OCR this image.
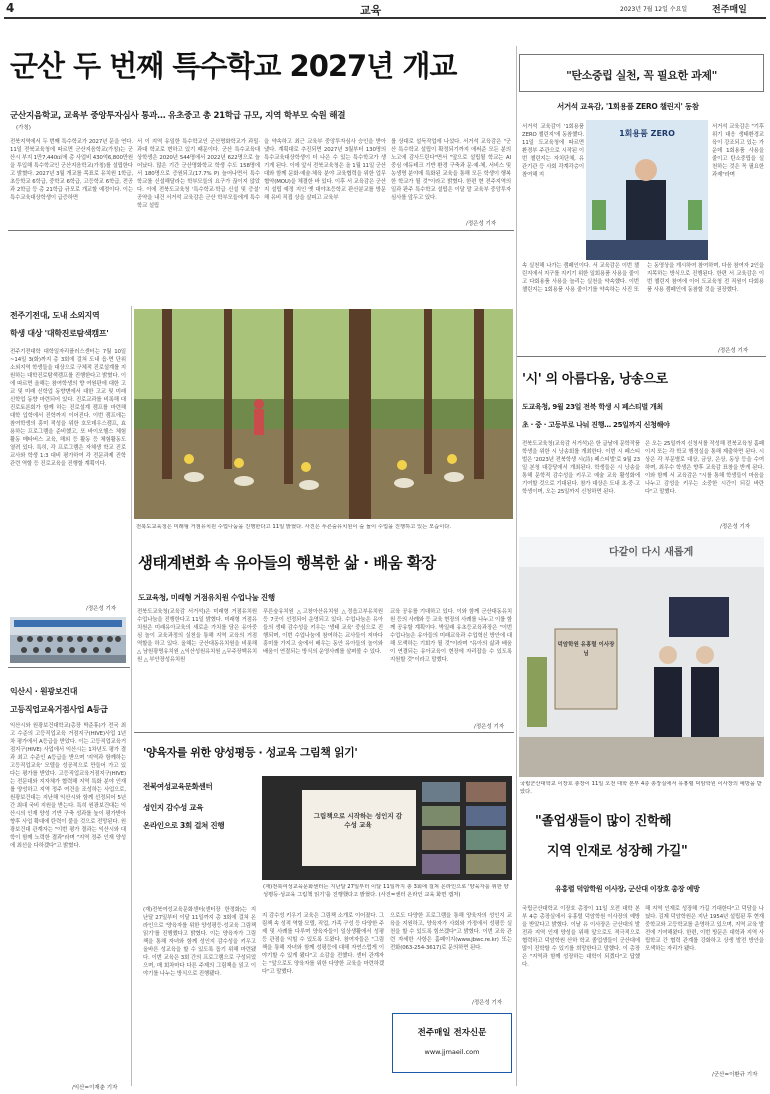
4	교육	2023년 7월 12일 수요일	전주매일
군산 두 번째 특수학교 2027년 개교
군산지음학교, 교육부 중앙투자심사 통과… 유초중고 총 21학급 규모, 지역 학부모 숙원 해결
(가칭)
전북지역에서 두 번째 특수학교가 2027년 문을 연다. 11일 전북교육청에 따르면 군산지음학교(가칭)는 군산시 부지 1만7,440㎡에 총 사업비 430억6,800만원을 투입해 특수학교인 군산지음학교(가칭)를 설립한다고 밝혔다. 2027년 3월 개교를 목표로 유치원 1학급, 초등학교 6학급, 중학교 6학급, 고등학교 6학급, 전공과 2학급 등 총 21학급 규모로 개교할 예정이다. 이는 특수교육대상학생이 급증하면
서 이 지역 유일한 특수학교인 군산명화학교가 과밀·과대 학교로 변하고 있기 때문이다. 군산 특수교육대상학생은 2020년 544명에서 2022년 622명으로 늘어났다. 많은 기간 군산명화학교 학생 수도 158명에서 180명으로 증원되고(17.7% P) 늘어나면서 특수학교를 신설해달라는 학부모들의 요구가 끊이지 않았다. 이에 전북도교육청 '특수학교·학급 신설 및 증설' 공약을 내건 서거석 교육감은 군산 학부모들에게 특수학교 설립
을 약속하고 최근 교육부 중앙투자심사 승인을 받아냈다. 계획대로 추진되면 2027년 3월부터 130명의 특수교육대상학생이 더 나은 수 있는 특수학교가 생기게 된다. 이에 앞서 전북교육청은 올 1월 11일 군산대와 함께 문화·예술·체육 분야 교육협력을 위한 업무협약(MOU)을 체결한 바 있다. 이후 서 교육감은 군산지 설립 예정 지인 옛 대야초등학교 판산분교를 방문해 유비 직접 상을 살피고 교육부
를 상대로 설득작업에 나섰다. 서거석 교육감은 "군산 특수학교 설립이 확정되기까지 애써준 모든 분의 노고에 감사드린다"면서 "앞으로 설립될 학교는 AI 중심 에듀테크 기반 환경 구축과 문·예·체, 서비스 및 농생명 분야에 특화된 교육을 통해 모든 학생이 행복한 학교가 될 것"이라고 밝혔다. 한편 현 전주지역의 일과 판주 특수학교 설립은 이달 말 교육부 중앙투자심사를 앞두고 있다.
/정은성 기자
전주기전대, 도내 소외지역
학생 대상 '대학진로탐색캠프'
전주기전대학 대학일자리플러스센터는 7월 10일~14일 3(화)까지 총 3회에 걸쳐 도내 읍·면 단위 소외지역 학생들을 대상으로 구체적 진로설계를 지원하는 대학진로탐색캠프를 진행한다고 밝혔다. 이에 따르면 올해는 참여학생의 향 여원판에 대한 고교 및 미래 신학업 동향변에서 대한 고교 및 미래 신학업 동향 마련되어 있다. 진로교과를 비록해 대 진로토론회가 함께 하는 진로설계 캠프를 마련해 대학 입학에서 진학까지 이어진다. 이번 캠프에는 참여학생의 흥미 적성을 위한 호모데우스캠프, 효용하는 프로그램을 준비했고, 또 바이오헬스 체험활동 메타버스 교육, 해외 등 활동 등 체험활동도 열려 있다. 특히, 각 프로그램은 자체생 학교 진로교사와 학생 1:3 대비 평가하여 각 전문과제 진학 관련 역할 등 진로교육을 진행할 계획이다.
/정은성 기자
전북도교육청은 미래형 거점유치원 수업나눔을 진행한다고 11일 밝혔다. 사진은 푸른숲유치원이 숲 놀이 수업을 진행하고 있는 모습이다.
생태계변화 속 유아들의 행복한 삶 · 배움 확장
도교육청, 미래형 거점유치원 수업나눔 진행
전북도교육청(교육감 서거석)은 미래형 거점유치원 수업나눔을 진행한다고 11일 밝혔다. 미래형 거점유치원은 미래유아교육의 새로운 가치를 담은 유아중심 놀이 교육과정의 실천을 통해 지역 교육의 거점 역할을 하고 있다. 올해는 군산대동유치원을 비롯해 △ 남원광명유치원 △익산성원유치원 △무주장백유치원 △ 부안장성유치원
푸른숲유치원 △고창아산유치원 △정읍고부유치원 등 7곳이 선정되어 운영되고 있다. 수업나눔은 유아들의 생태 감수성을 키우는 '생태 교육' 중심으로 진행되며, 이번 수업나눔에 참여하는 교사들이 저마다 흥미를 가지고 숲에서 배우는 동안 유아들의 놀이와 배움이 연결되는 방식의 운영사례를 살펴볼 수 있다.
교육 공유를 기대하고 있다. 이와 함께 군산대동유치원 등의 사례와 등 교육 현장의 사례를 나누고 이를 함께 공유할 계획이다. 박일래 유초등교육과장은 "이번 수업나눔은 유아들의 미래교육과 수업혁신 방안에 대해 모색하는 기회가 될 것"이라며 "유아의 삶과 배움이 연결되는 유아교육이 현장에 자리잡을 수 있도록 지원할 것"이라고 말했다.
/정은성 기자
익산시 · 원광보건대
고등직업교육거점사업 A등급
익산시와 원광보건대학교(총장 박준휴)가 전국 최고 수준의 고등직업교육 거점지구(HIVE)사업 1년 차 평가에서 A등급을 받았다. 이는 고등직업교육거점지구(HIVE) 사업에서 익산시는 1차년도 평가 결과 최고 수준인 A등급을 받으며 '지역과 함께하는 고등직업교육' 모델을 성공적으로 만들어 가고 있다는 평가를 받았다. 고등직업교육거점지구(HIVE)는 전문대와 지자체가 협력해 지역 특화 분야 인재를 양성하고 지역 정주 여건을 조성하는 사업으로, 원광보건대는 지난해 익산시와 함께 선정되어 5년간 최대 국비 지원을 받는다. 특히 원광보건대는 익산시의 인재 양성 기반 구축 성과를 높이 평가받아 향후 사업 확대에 탄력이 붙을 것으로 전망된다. 원광보건대 관계자는 "이번 평가 결과는 익산시와 대학이 함께 노력한 결과"라며 "지역 정주 인재 양성에 최선을 다하겠다"고 밝혔다.
/익산=이재춘 기자
'양육자를 위한 양성평등 · 성교육 그림책 읽기'
전북여성교육문화센터
성인지 감수성 교육
온라인으로 3회 걸쳐 진행
그림책으로 시작하는 성인지 감수성 교육
(재)전북여성교육문화센터는 지난달 27일부터 이달 11일까지 총 3회에 걸쳐 온라인으로 '양육자를 위한 양성평등·성교육 그림책 읽기'를 진행했다고 밝혔다. (사진=센터 온라인 교육 화면 캡처)
(재)전북여성교육문화센터(센터장 한정화)는 지난달 27일부터 이달 11일까지 총 3회에 걸쳐 온라인으로 '양육자를 위한 양성평등·성교육 그림책 읽기'를 진행했다고 밝혔다. 이는 양육자가 그림책을 통해 자녀와 함께 성인지 감수성을 키우고 올바른 성교육을 할 수 있도록 돕기 위해 마련됐다. 이번 교육은 3회 간의 프로그램으로 구성되었으며, 매 회차마다 다른 주제의 그림책을 읽고 이야기를 나누는 방식으로 진행됐다.
지 감수성 키우기 교육은 그림책 소개로 이어졌다. 그림책 속 성적 역할 모델, 직업, 가족 구성 등 다양한 주제 및 사례를 다루며 양육자들이 일상생활에서 성평등 관점을 익힐 수 있도록 도왔다. 참여자들은 "그림책을 통해 자녀와 함께 성평등에 대해 자연스럽게 이야기할 수 있게 됐다"고 소감을 전했다. 센터 관계자는 "앞으로도 양육자를 위한 다양한 교육을 마련하겠다"고 말했다.
으로도 다양한 프로그램을 통해 양육자의 성인지 교육을 지원하고, 양육자가 사회와 가정에서 성평등 실천을 할 수 있도록 힘쓰겠다"고 밝혔다. 이번 교육 관련 자세한 사항은 홈페이지(www.jbwc.re.kr) 또는 전화(063-254-3617)로 문의하면 된다.
/정은성 기자
전주매일 전자신문
www.jjmaeil.com
"탄소중립 실천, 꼭 필요한 과제"
서거석 교육감, '1회용품 ZERO 챌린지' 동참
서거석 교육감이 '1회용품 ZERO 챌린지'에 동참했다. 11일 도교육청에 따르면 환경부 주관으로 시작된 이번 챌린지는 자치단체, 유관기관 등 사회 각계각층이 참여해 지
1회용품 ZERO
서거석 교육감은 "기후위기 대응 생태환경교육이 강조되고 있는 가운데 1회용품 사용을 줄이고 탄소중립을 실천하는 것은 꼭 필요한 과제"라며
속 실천해 나가는 캠페인이다. 서 교육감은 이번 챌린지에서 지구를 지키기 위한 일회용품 사용을 줄이고 다회용품 사용을 늘리는 실천을 약속했다. 이번 챌린지는 1회용품 사용 줄이기를 약속하는 사진 또는 동영상을 게시하여 참여하며, 다음 참여자 2인을 지목하는 방식으로 진행된다. 한편 서 교육감은 이번 챌린지 참여에 이어 도교육청 전 직원이 다회용품 사용 캠페인에 동참할 것을 권장했다.
/정은성 기자
'시' 의 아름다움, 낭송으로
도교육청, 9월 23일 전북 학생 시 페스티벌 개최
초 · 중 · 고등부로 나눠 진행… 25일까지 신청해야
전북도교육청(교육감 서거석)은 한 글날에 문학작품 학생을 위한 시 낭송회를 개최한다. 이번 시 페스티벌은 '2023년 전북학생 시(詩) 페스티벌'로 9월 23일 본청 대강당에서 개최된다. 학생들은 시 낭송을 통해 문학적 감수성을 키우고 예술 교육 활성화에 기여할 것으로 기대된다. 참가 대상은 도내 초·중·고 학생이며, 오는 25일까지 신청하면 된다.
은 오는 25일까지 신청서를 작성해 전북교육청 홈페이지 또는 각 학교 행정실을 통해 제출하면 된다. 시상은 각 부문별로 대상, 금상, 은상, 동상 등을 수여하며, 최우수 학생은 향후 교육감 표창을 받게 된다. 이와 함께 서 교육감은 "시를 통해 학생들이 마음을 나누고 감성을 키우는 소중한 시간이 되길 바란다"고 말했다.
/정은성 기자
다같이 다시 새롭게
덕암학원 유홍렬 이사장님
국립군산대학교 이장호 총장이 11일 오전 대학 본부 4층 총장실에서 유홍렬 덕암학원 이사장의 예방을 받았다.
"졸업생들이 많이 진학해
지역 인재로 성장해 가길"
유홍렬 덕암학원 이사장, 군산대 이장호 총장 예방
국립군산대학교 이장호 총장이 11일 오전 대학 본부 4층 총장실에서 유홍렬 덕암학원 이사장의 예방을 받았다고 밝혔다. 이날 유 이사장은 군산대의 발전과 지역 인재 양성을 위해 앞으로도 적극적으로 협력하고 덕암학원 산하 학교 졸업생들이 군산대에 많이 진학할 수 있기를 희망한다고 말했다. 이 총장은 "지역과 함께 성장하는 대학이 되겠다"고 답했다.
해 지역 인재로 성장해 가길 기대한다"고 덕담을 나눴다. 김제 덕암학원은 지난 1954년 설립된 후 현재 중학교와 고등학교를 운영하고 있으며, 지역 교육 발전에 기여해왔다. 한편, 이번 방문은 대학과 지역 사립학교 간 협력 관계를 강화하고 상생 발전 방안을 모색하는 자리가 됐다.
/군산=이환규 기자
